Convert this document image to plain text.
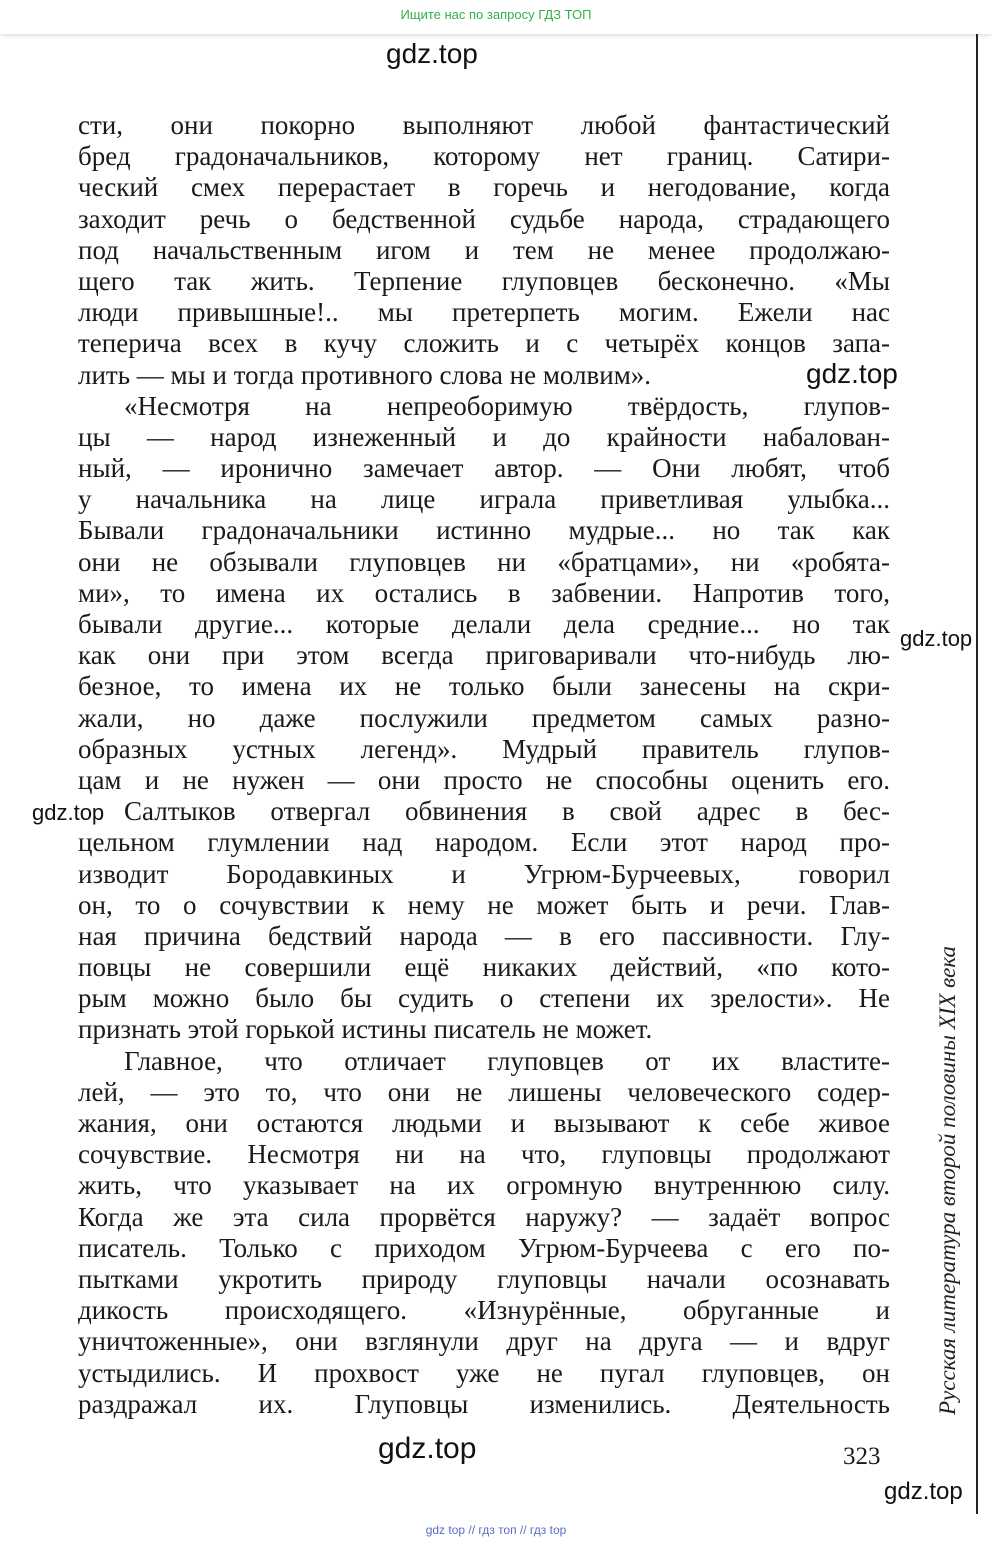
Ищите нас по запросу ГДЗ ТОП
gdz.top
сти, они покорно выполняют любой фантастический
бред градоначальников, которому нет границ. Сатири-
ческий смех перерастает в горечь и негодование, когда
заходит речь о бедственной судьбе народа, страдающего
под начальственным игом и тем не менее продолжаю-
щего так жить. Терпение глуповцев бесконечно. «Мы
люди привышные!.. мы претерпеть могим. Ежели нас
теперича всех в кучу сложить и с четырёх концов запа-
лить — мы и тогда противного слова не молвим».
«Несмотря на непреоборимую твёрдость, глупов-
цы — народ изнеженный и до крайности набалован-
ный, — иронично замечает автор. — Они любят, чтоб
у начальника на лице играла приветливая улыбка...
Бывали градоначальники истинно мудрые... но так как
они не обзывали глуповцев ни «братцами», ни «робята-
ми», то имена их остались в забвении. Напротив того,
бывали другие... которые делали дела средние... но так
как они при этом всегда приговаривали что-нибудь лю-
безное, то имена их не только были занесены на скри-
жали, но даже послужили предметом самых разно-
образных устных легенд». Мудрый правитель глупов-
цам и не нужен — они просто не способны оценить его.
Салтыков отвергал обвинения в свой адрес в бес-
цельном глумлении над народом. Если этот народ про-
изводит Бородавкиных и Угрюм-Бурчеевых, говорил
он, то о сочувствии к нему не может быть и речи. Глав-
ная причина бедствий народа — в его пассивности. Глу-
повцы не совершили ещё никаких действий, «по кото-
рым можно было бы судить о степени их зрелости». Не
признать этой горькой истины писатель не может.
Главное, что отличает глуповцев от их властите-
лей, — это то, что они не лишены человеческого содер-
жания, они остаются людьми и вызывают к себе живое
сочувствие. Несмотря ни на что, глуповцы продолжают
жить, что указывает на их огромную внутреннюю силу.
Когда же эта сила прорвётся наружу? — задаёт вопрос
писатель. Только с приходом Угрюм-Бурчеева с его по-
пытками укротить природу глуповцы начали осознавать
дикость происходящего. «Изнурённые, обруганные и
уничтоженные», они взглянули друг на друга — и вдруг
устыдились. И прохвост уже не пугал глуповцев, он
раздражал их. Глуповцы изменились. Деятельность
gdz.top
gdz.top
gdz.top
Русская литература второй половины XIX века
323
gdz.top
gdz.top
gdz top // гдз топ // гдз top
